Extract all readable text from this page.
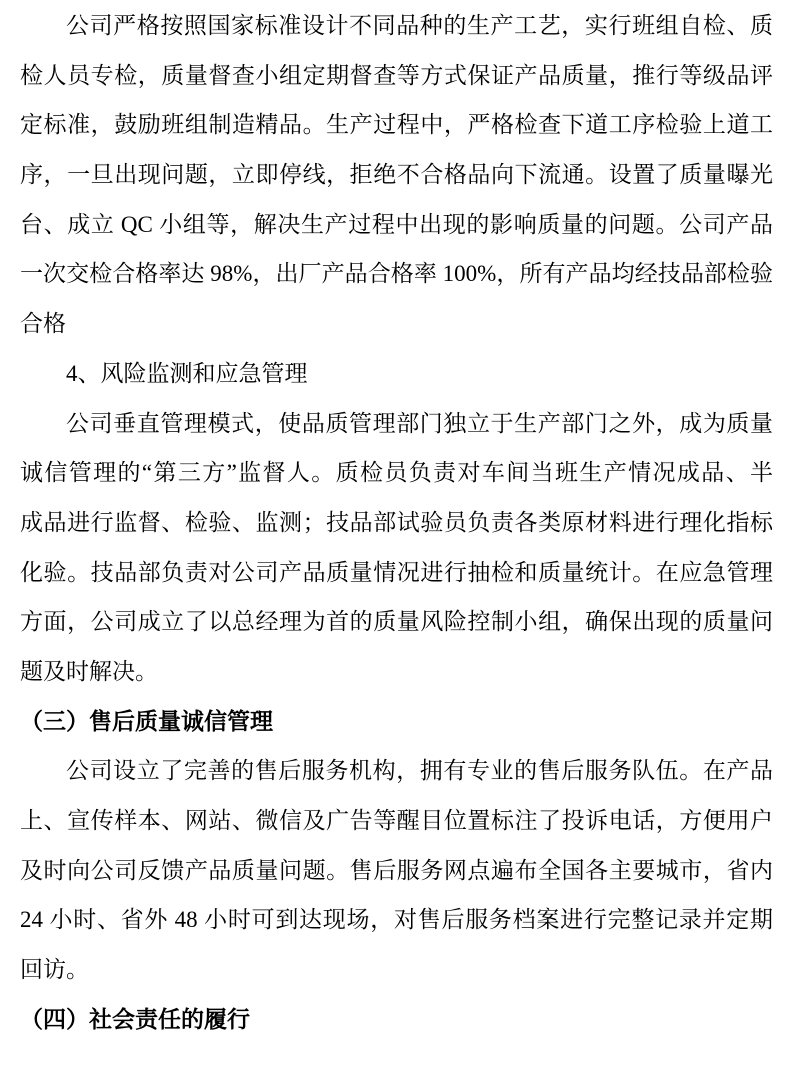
公司严格按照国家标准设计不同品种的生产工艺，实行班组自检、质
检人员专检，质量督查小组定期督查等方式保证产品质量，推行等级品评
定标准，鼓励班组制造精品。生产过程中，严格检查下道工序检验上道工
序，一旦出现问题，立即停线，拒绝不合格品向下流通。设置了质量曝光
台、成立 QC 小组等，解决生产过程中出现的影响质量的问题。公司产品
一次交检合格率达 98%，出厂产品合格率 100%，所有产品均经技品部检验
合格
4、风险监测和应急管理
公司垂直管理模式，使品质管理部门独立于生产部门之外，成为质量
诚信管理的“第三方”监督人。质检员负责对车间当班生产情况成品、半
成品进行监督、检验、监测；技品部试验员负责各类原材料进行理化指标
化验。技品部负责对公司产品质量情况进行抽检和质量统计。在应急管理
方面，公司成立了以总经理为首的质量风险控制小组，确保出现的质量问
题及时解决。
（三）售后质量诚信管理
公司设立了完善的售后服务机构，拥有专业的售后服务队伍。在产品
上、宣传样本、网站、微信及广告等醒目位置标注了投诉电话，方便用户
及时向公司反馈产品质量问题。售后服务网点遍布全国各主要城市，省内
24 小时、省外 48 小时可到达现场，对售后服务档案进行完整记录并定期
回访。
（四）社会责任的履行
